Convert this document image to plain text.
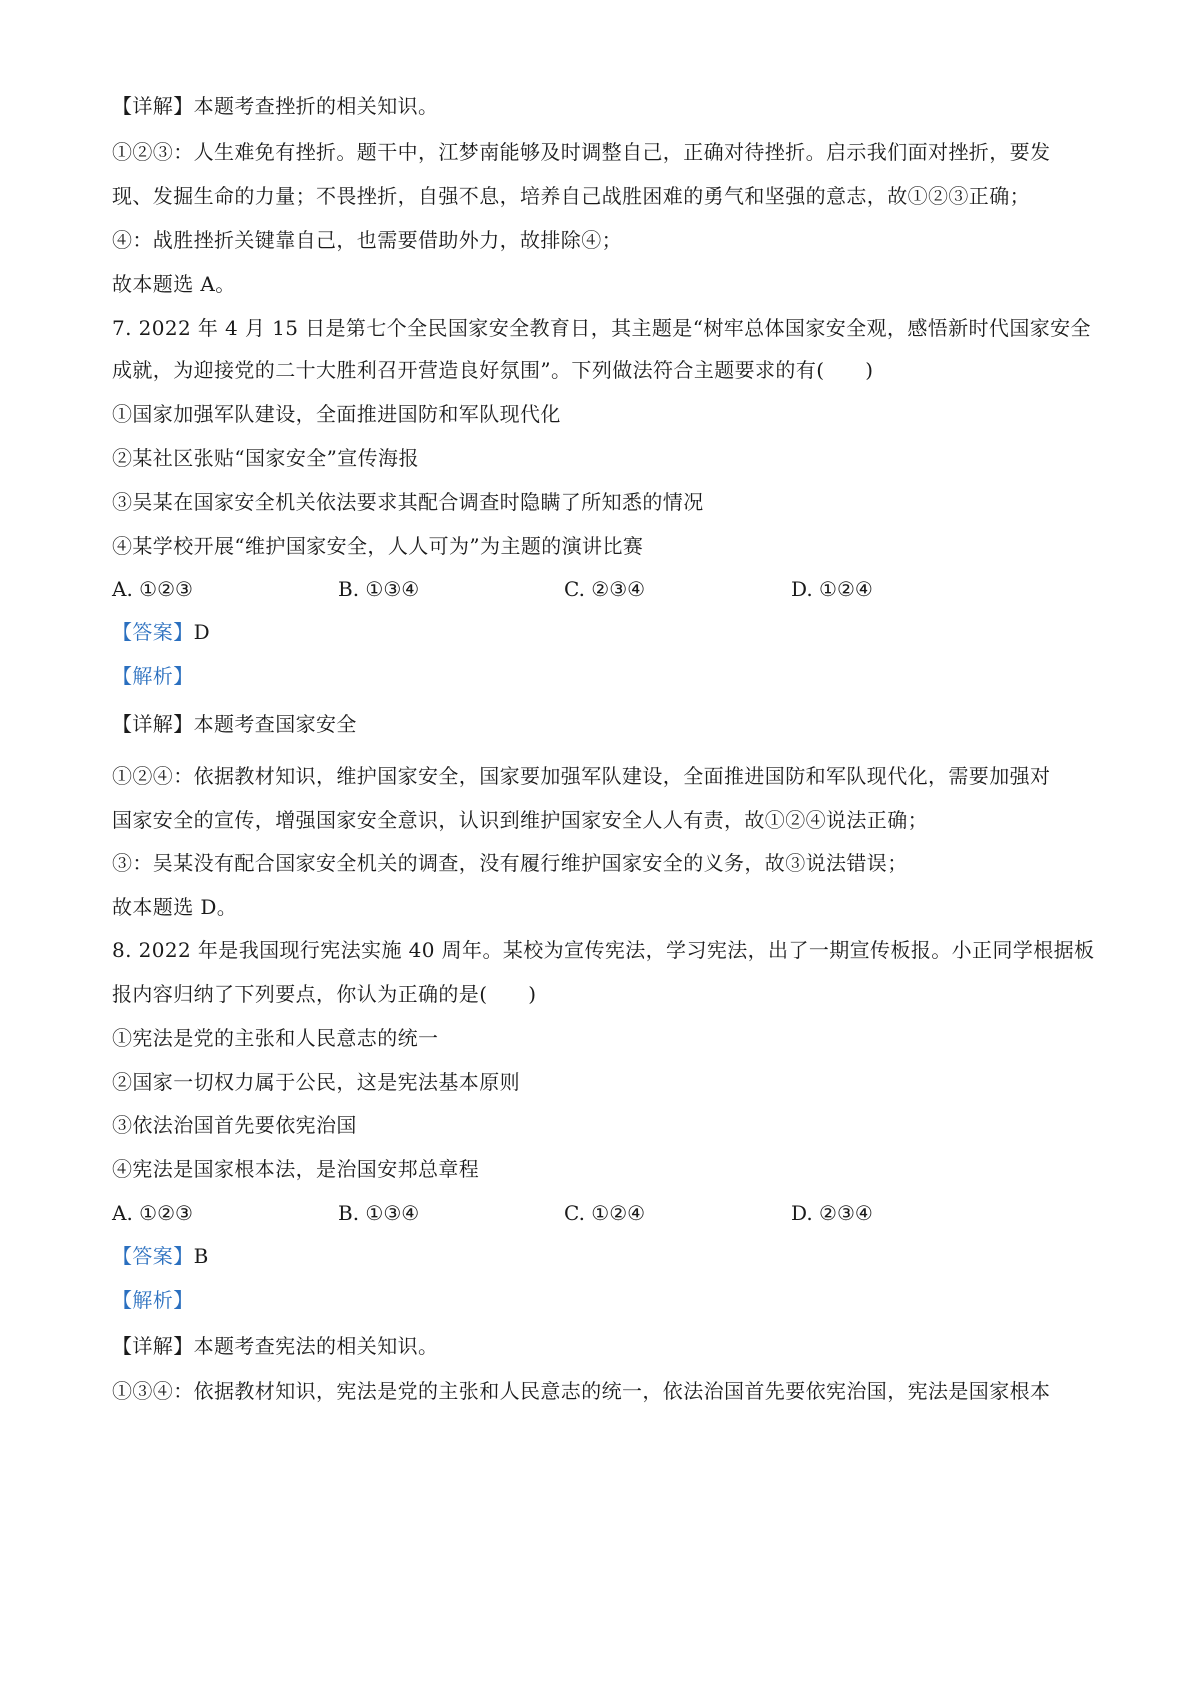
【详解】本题考查挫折的相关知识。
①②③：人生难免有挫折。题干中，江梦南能够及时调整自己，正确对待挫折。启示我们面对挫折，要发
现、发掘生命的力量；不畏挫折，自强不息，培养自己战胜困难的勇气和坚强的意志，故①②③正确；
④：战胜挫折关键靠自己，也需要借助外力，故排除④；
故本题选 A。
7. 2022 年 4 月 15 日是第七个全民国家安全教育日，其主题是“树牢总体国家安全观，感悟新时代国家安全
成就，为迎接党的二十大胜利召开营造良好氛围”。下列做法符合主题要求的有(　　)
①国家加强军队建设，全面推进国防和军队现代化
②某社区张贴“国家安全”宣传海报
③吴某在国家安全机关依法要求其配合调查时隐瞒了所知悉的情况
④某学校开展“维护国家安全，人人可为”为主题的演讲比赛
A. ①②③	B. ①③④	C. ②③④	D. ①②④
【答案】D
【解析】
【详解】本题考查国家安全
①②④：依据教材知识，维护国家安全，国家要加强军队建设，全面推进国防和军队现代化，需要加强对
国家安全的宣传，增强国家安全意识，认识到维护国家安全人人有责，故①②④说法正确；
③：吴某没有配合国家安全机关的调查，没有履行维护国家安全的义务，故③说法错误；
故本题选 D。
8. 2022 年是我国现行宪法实施 40 周年。某校为宣传宪法，学习宪法，出了一期宣传板报。小正同学根据板
报内容归纳了下列要点，你认为正确的是(　　)
①宪法是党的主张和人民意志的统一
②国家一切权力属于公民，这是宪法基本原则
③依法治国首先要依宪治国
④宪法是国家根本法，是治国安邦总章程
A. ①②③	B. ①③④	C. ①②④	D. ②③④
【答案】B
【解析】
【详解】本题考查宪法的相关知识。
①③④：依据教材知识，宪法是党的主张和人民意志的统一，依法治国首先要依宪治国，宪法是国家根本
